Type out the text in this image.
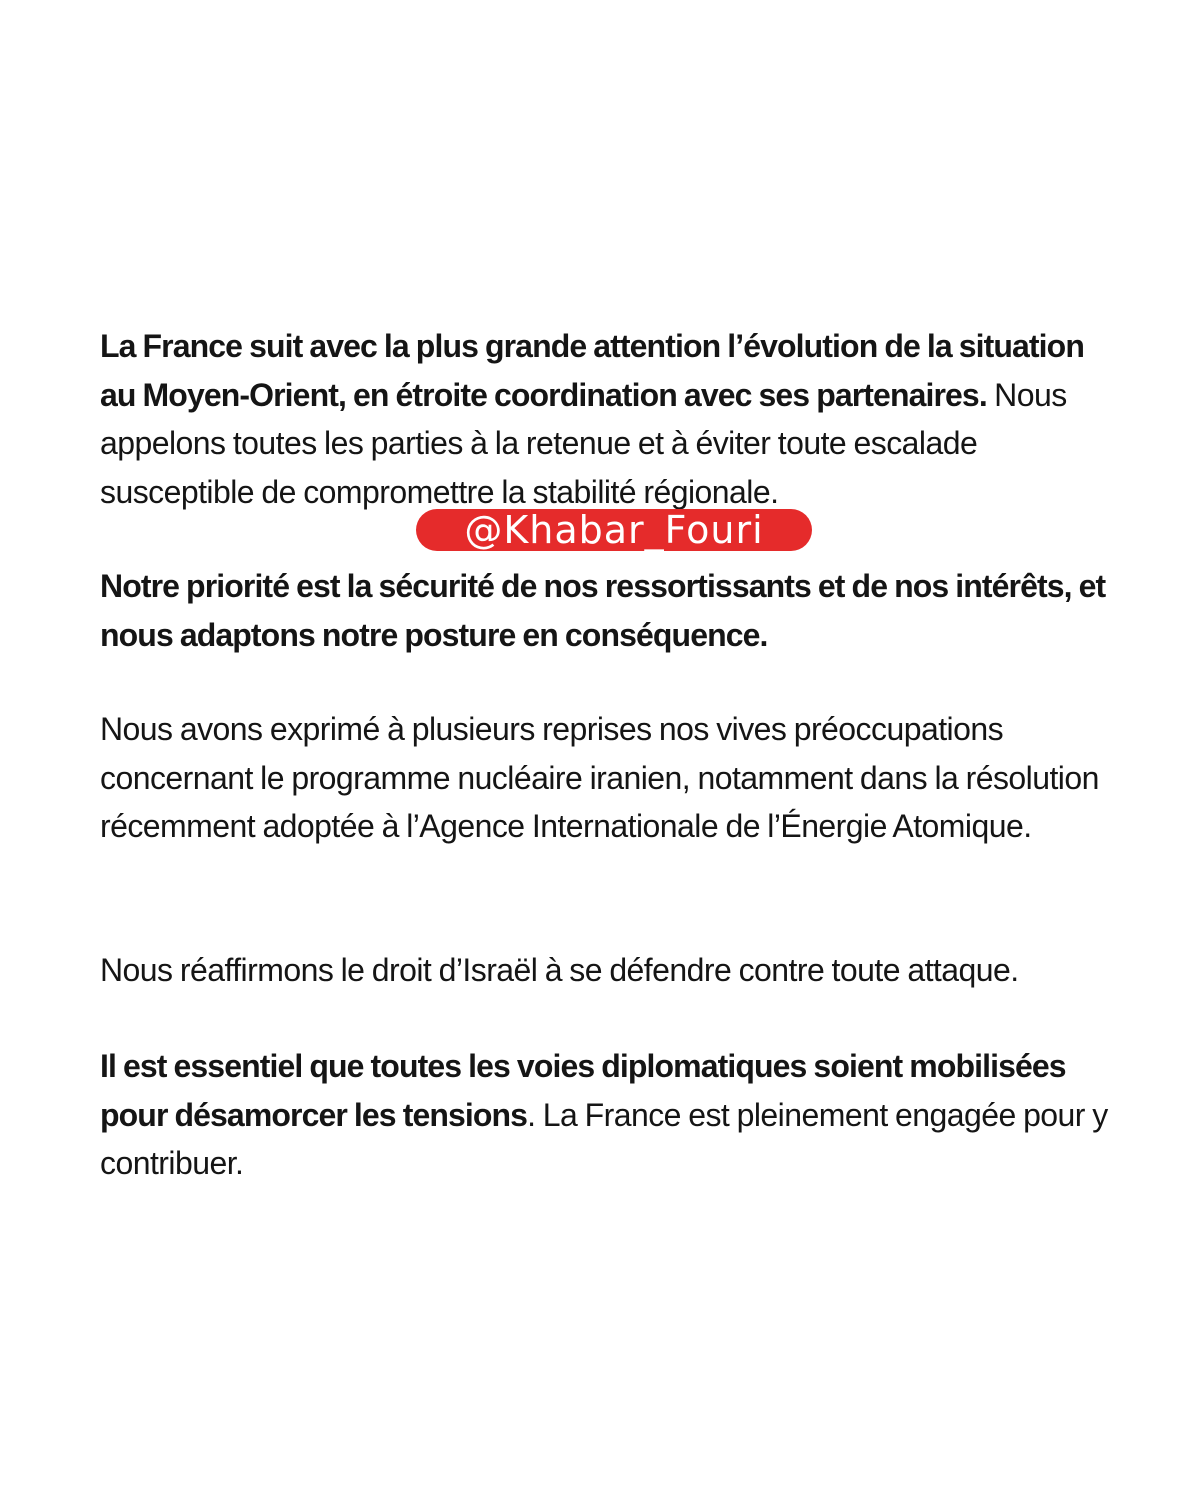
La France suit avec la plus grande attention l’évolution de la situation au Moyen-Orient, en étroite coordination avec ses partenaires. Nous appelons toutes les parties à la retenue et à éviter toute escalade susceptible de compromettre la stabilité régionale.

@Khabar_Fouri

Notre priorité est la sécurité de nos ressortissants et de nos intérêts, et nous adaptons notre posture en conséquence.

Nous avons exprimé à plusieurs reprises nos vives préoccupations concernant le programme nucléaire iranien, notamment dans la résolution récemment adoptée à l’Agence Internationale de l’Énergie Atomique.

Nous réaffirmons le droit d’Israël à se défendre contre toute attaque.

Il est essentiel que toutes les voies diplomatiques soient mobilisées pour désamorcer les tensions. La France est pleinement engagée pour y contribuer.
